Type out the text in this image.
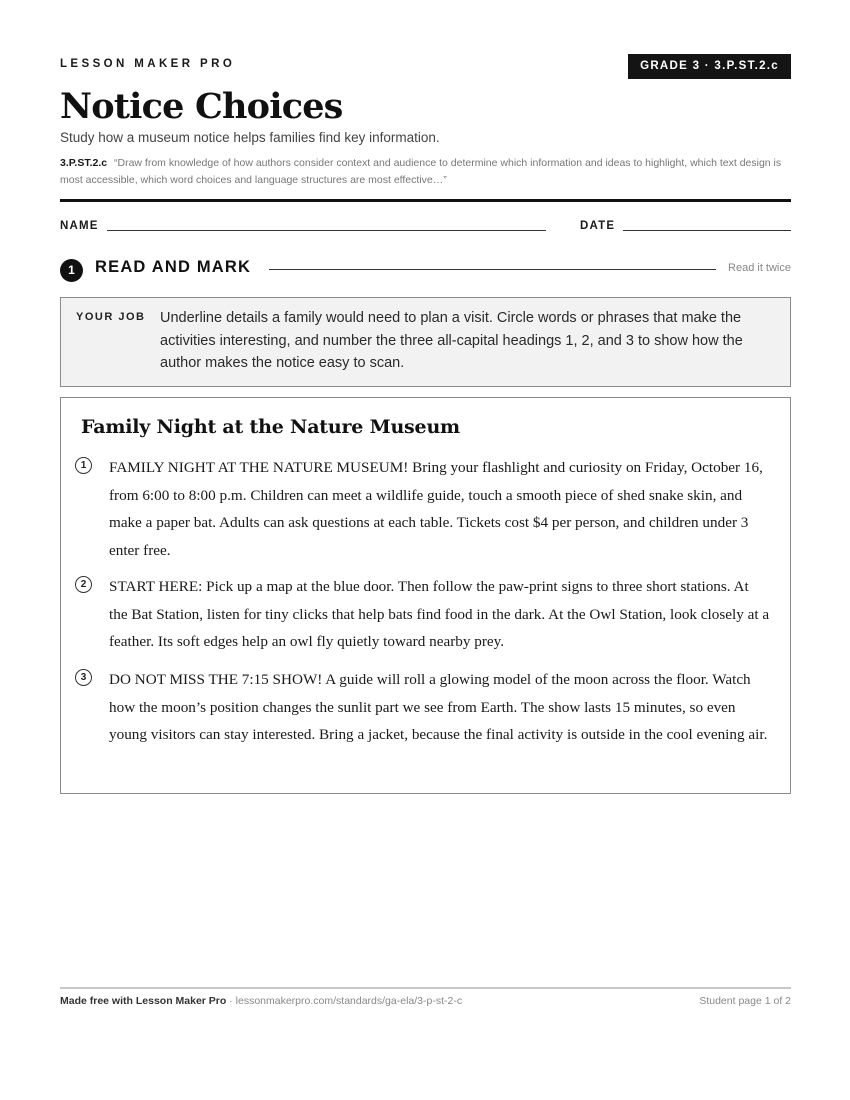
LESSON MAKER PRO	GRADE 3 · 3.P.ST.2.c
Notice Choices
Study how a museum notice helps families find key information.
3.P.ST.2.c “Draw from knowledge of how authors consider context and audience to determine which information and ideas to highlight, which text design is most accessible, which word choices and language structures are most effective…”
NAME	DATE
1	READ AND MARK	Read it twice
YOUR JOB Underline details a family would need to plan a visit. Circle words or phrases that make the activities interesting, and number the three all-capital headings 1, 2, and 3 to show how the author makes the notice easy to scan.
Family Night at the Nature Museum
1	FAMILY NIGHT AT THE NATURE MUSEUM! Bring your flashlight and curiosity on Friday, October 16, from 6:00 to 8:00 p.m. Children can meet a wildlife guide, touch a smooth piece of shed snake skin, and make a paper bat. Adults can ask questions at each table. Tickets cost $4 per person, and children under 3 enter free.

2	START HERE: Pick up a map at the blue door. Then follow the paw-print signs to three short stations. At the Bat Station, listen for tiny clicks that help bats find food in the dark. At the Owl Station, look closely at a feather. Its soft edges help an owl fly quietly toward nearby prey.

3	DO NOT MISS THE 7:15 SHOW! A guide will roll a glowing model of the moon across the floor. Watch how the moon’s position changes the sunlit part we see from Earth. The show lasts 15 minutes, so even young visitors can stay interested. Bring a jacket, because the final activity is outside in the cool evening air.

Made free with Lesson Maker Pro · lessonmakerpro.com/standards/ga-ela/3-p-st-2-c	Student page 1 of 2
